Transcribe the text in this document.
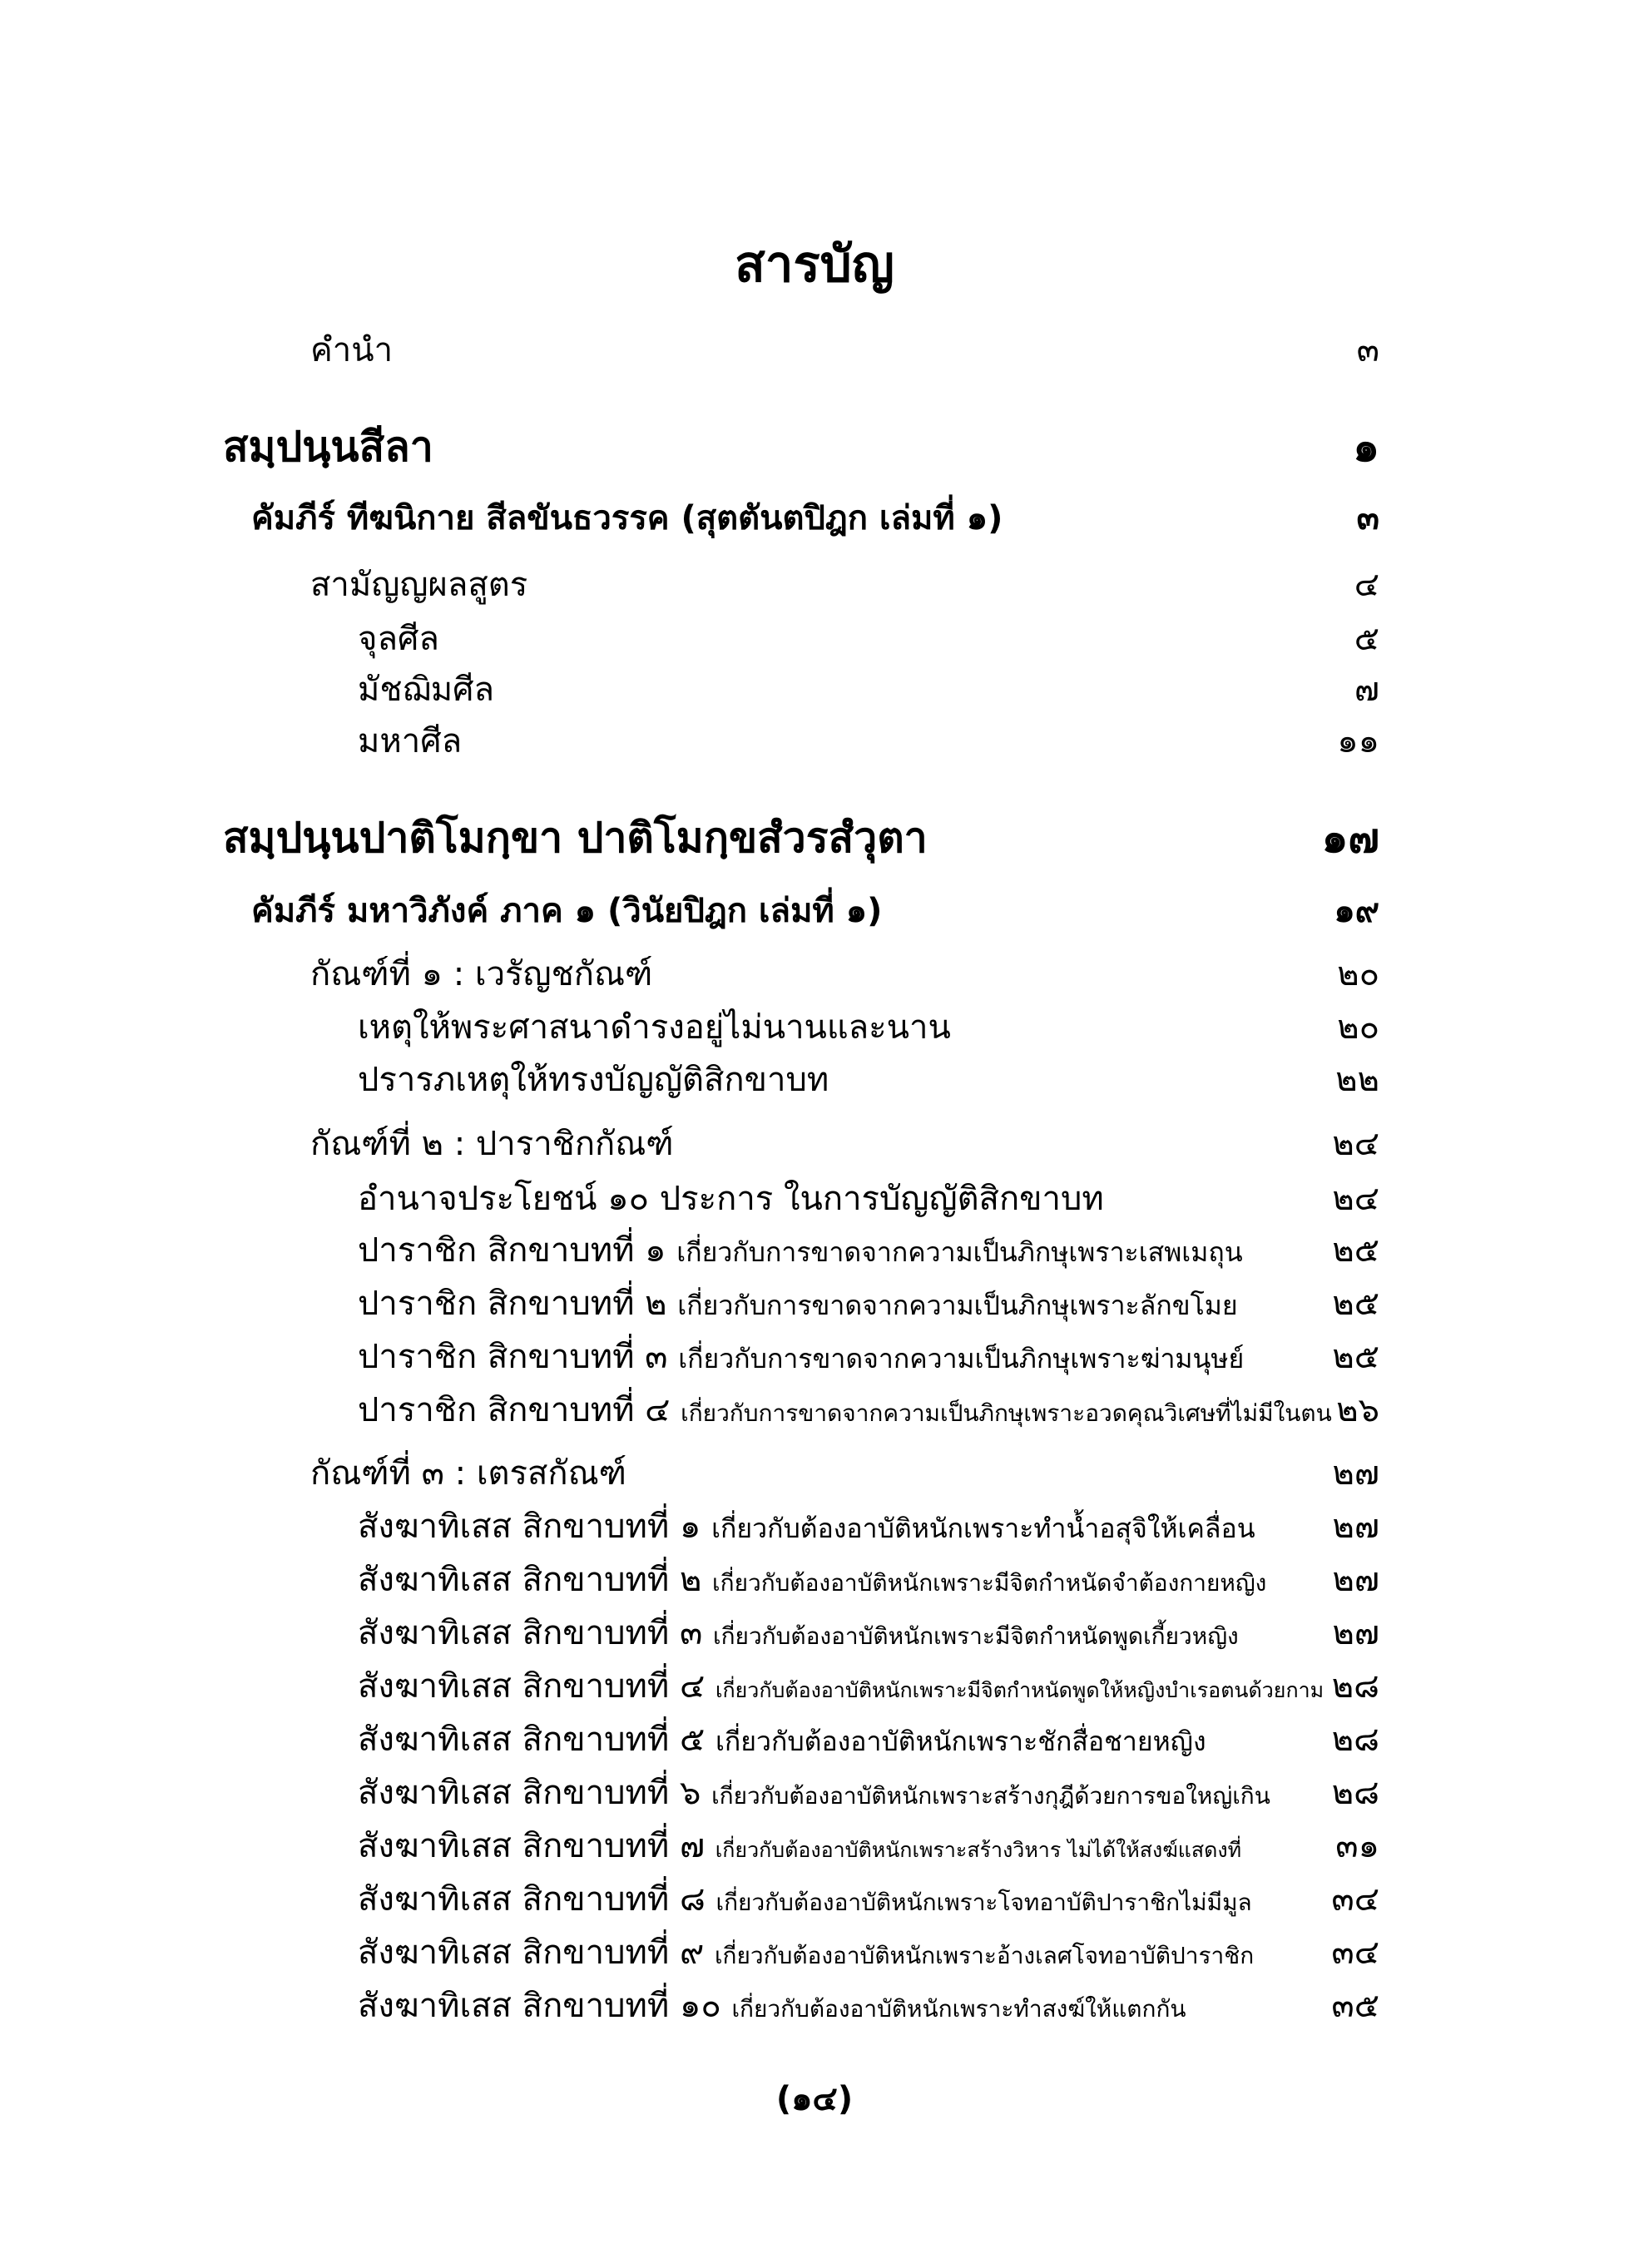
สารบัญ
คำนำ	๓
สมฺปนฺนสีลา	๑
คัมภีร์ ทีฆนิกาย สีลขันธวรรค (สุตตันตปิฎก เล่มที่ ๑)	๓
สามัญญผลสูตร	๔
จุลศีล	๕
มัชฌิมศีล	๗
มหาศีล	๑๑
สมฺปนฺนปาติโมกฺขา ปาติโมกฺขสํวรสํวุตา	๑๗
คัมภีร์ มหาวิภังค์ ภาค ๑ (วินัยปิฎก เล่มที่ ๑)	๑๙
กัณฑ์ที่ ๑ : เวรัญชกัณฑ์	๒๐
เหตุให้พระศาสนาดำรงอยู่ไม่นานและนาน	๒๐
ปรารภเหตุให้ทรงบัญญัติสิกขาบท	๒๒
กัณฑ์ที่ ๒ : ปาราชิกกัณฑ์	๒๔
อำนาจประโยชน์ ๑๐ ประการ ในการบัญญัติสิกขาบท	๒๔
ปาราชิก สิกขาบทที่ ๑ เกี่ยวกับการขาดจากความเป็นภิกษุเพราะเสพเมถุน	๒๕
ปาราชิก สิกขาบทที่ ๒ เกี่ยวกับการขาดจากความเป็นภิกษุเพราะลักขโมย	๒๕
ปาราชิก สิกขาบทที่ ๓ เกี่ยวกับการขาดจากความเป็นภิกษุเพราะฆ่ามนุษย์	๒๕
ปาราชิก สิกขาบทที่ ๔ เกี่ยวกับการขาดจากความเป็นภิกษุเพราะอวดคุณวิเศษที่ไม่มีในตน ๒๖
กัณฑ์ที่ ๓ : เตรสกัณฑ์	๒๗
สังฆาทิเสส สิกขาบทที่ ๑ เกี่ยวกับต้องอาบัติหนักเพราะทำน้ำอสุจิให้เคลื่อน ๒๗
สังฆาทิเสส สิกขาบทที่ ๒ เกี่ยวกับต้องอาบัติหนักเพราะมีจิตกำหนัดจำต้องกายหญิง ๒๗
สังฆาทิเสส สิกขาบทที่ ๓ เกี่ยวกับต้องอาบัติหนักเพราะมีจิตกำหนัดพูดเกี้ยวหญิง	๒๗
สังฆาทิเสส สิกขาบทที่ ๔ เกี่ยวกับต้องอาบัติหนักเพราะมีจิตกำหนัดพูดให้หญิงบำเรอตนด้วยกาม ๒๘
สังฆาทิเสส สิกขาบทที่ ๕ เกี่ยวกับต้องอาบัติหนักเพราะชักสื่อชายหญิง	๒๘
สังฆาทิเสส สิกขาบทที่ ๖ เกี่ยวกับต้องอาบัติหนักเพราะสร้างกุฎีด้วยการขอใหญ่เกิน ๒๘
สังฆาทิเสส สิกขาบทที่ ๗ เกี่ยวกับต้องอาบัติหนักเพราะสร้างวิหาร ไม่ได้ให้สงฆ์แสดงที่	๓๑
สังฆาทิเสส สิกขาบทที่ ๘ เกี่ยวกับต้องอาบัติหนักเพราะโจทอาบัติปาราชิกไม่มีมูล ๓๔
สังฆาทิเสส สิกขาบทที่ ๙ เกี่ยวกับต้องอาบัติหนักเพราะอ้างเลศโจทอาบัติปาราชิก ๓๔
สังฆาทิเสส สิกขาบทที่ ๑๐ เกี่ยวกับต้องอาบัติหนักเพราะทำสงฆ์ให้แตกกัน	๓๕
(๑๔)
